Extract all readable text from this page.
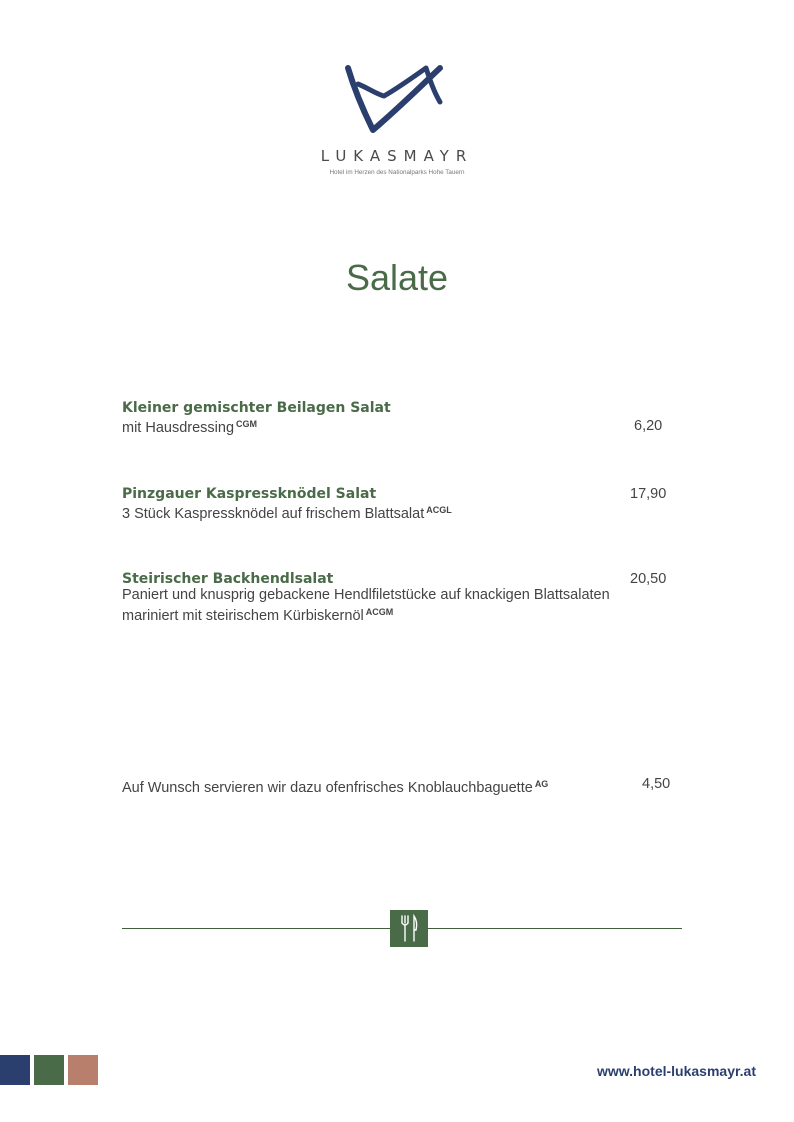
LUKASMAYR
Hotel im Herzen des Nationalparks Hohe Tauern
Salate
Kleiner gemischter Beilagen Salat
mit Hausdressing $^{CGM}$	6,20
Pinzgauer Kaspressknödel Salat
3 Stück Kaspressknödel auf frischem Blattsalat $^{ACGL}$
17,90
Steirischer Backhendlsalat
Paniert und knusprig gebackene Hendlfiletstücke auf knackigen Blattsalaten
mariniert mit steirischem Kürbiskernöl $^{ACGM}$
20,50
Auf Wunsch servieren wir dazu ofenfrisches Knoblauchbaguette $^{AG}$	4,50
www.hotel-lukasmayr.at
